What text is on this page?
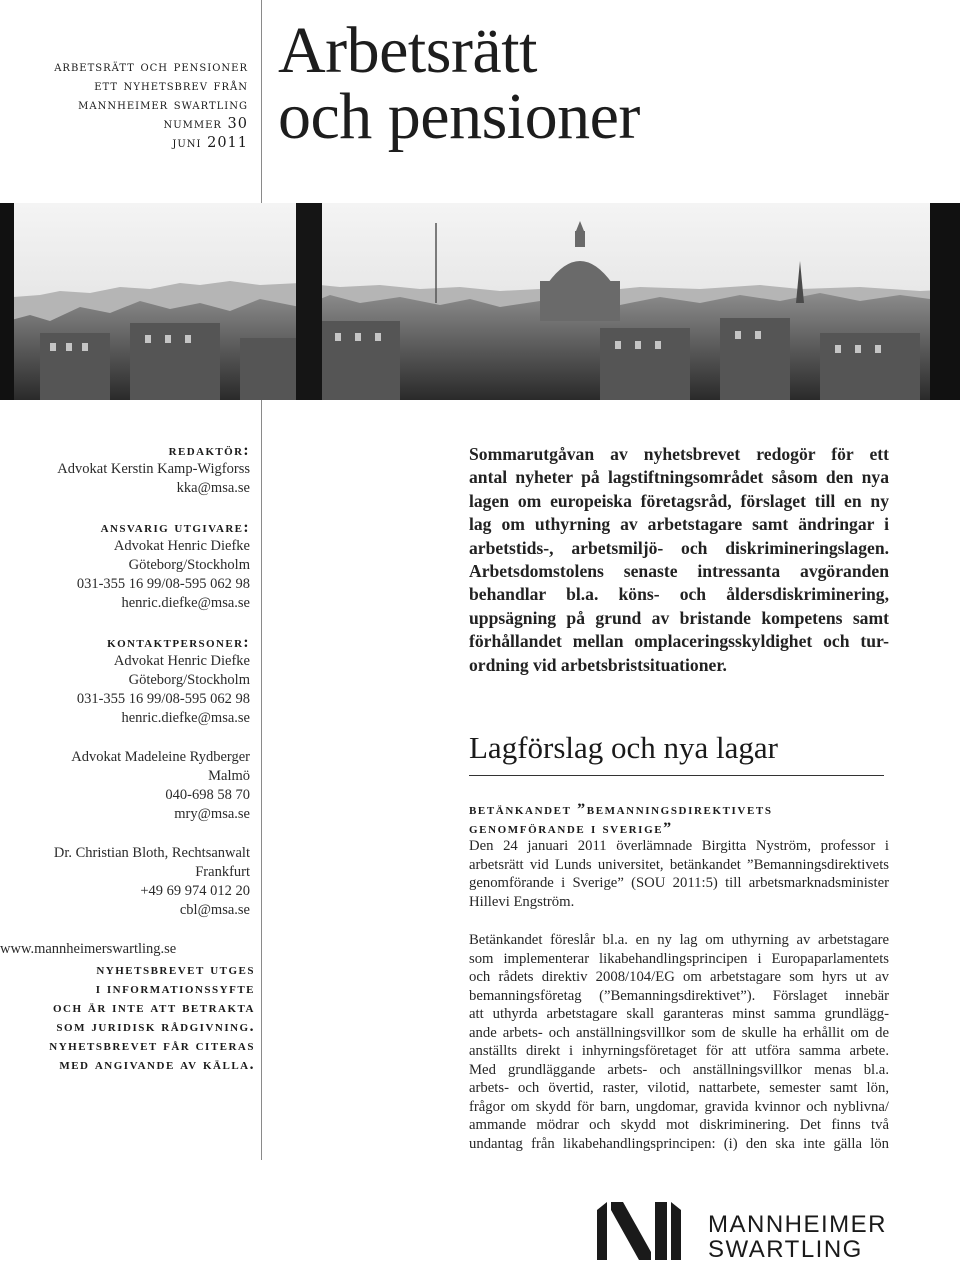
arbetsrätt och pensioner
ett nyhetsbrev från
mannheimer swartling
nummer 30
juni 2011
Arbetsrätt
och pensioner
redaktör:
Advokat Kerstin Kamp-Wigforss
kka@msa.se
ansvarig utgivare:
Advokat Henric Diefke
Göteborg/Stockholm
031-355 16 99/08-595 062 98
henric.diefke@msa.se
kontaktpersoner:
Advokat Henric Diefke
Göteborg/Stockholm
031-355 16 99/08-595 062 98
henric.diefke@msa.se
Advokat Madeleine Rydberger
Malmö
040-698 58 70
mry@msa.se
Dr. Christian Bloth, Rechtsanwalt
Frankfurt
+49 69 974 012 20
cbl@msa.se
www.mannheimerswartling.se
nyhetsbrevet utges
i informationssyfte
och är inte att betrakta
som juridisk rådgivning.
nyhetsbrevet får citeras
med angivande av källa.
Sommarutgåvan av nyhetsbrevet redogör för ett
antal nyheter på lagstiftningsområdet såsom den nya
lagen om europeiska företagsråd, förslaget till en ny
lag om uthyrning av arbetstagare samt ändringar i
arbetstids-, arbetsmiljö- och diskrimineringslagen.
Arbetsdomstolens senaste intressanta avgöranden
behandlar bl.a. köns- och åldersdiskriminering,
uppsägning på grund av bristande kompetens samt
förhållandet mellan omplaceringsskyldighet och tur-
ordning vid arbetsbristsituationer.
Lagförslag och nya lagar
betänkandet ”bemanningsdirektivets
genomförande i sverige”
Den 24 januari 2011 överlämnade Birgitta Nyström, professor i
arbetsrätt vid Lunds universitet, betänkandet ”Bemanningsdirektivets
genomförande i Sverige” (SOU 2011:5) till arbetsmarknadsminister
Hillevi Engström.
Betänkandet föreslår bl.a. en ny lag om uthyrning av arbetstagare
som implementerar likabehandlingsprincipen i Europaparlamentets
och rådets direktiv 2008/104/EG om arbetstagare som hyrs ut av
bemanningsföretag (”Bemanningsdirektivet”). Förslaget innebär
att uthyrda arbetstagare skall garanteras minst samma grundlägg-
ande arbets- och anställningsvillkor som de skulle ha erhållit om de
anställts direkt i inhyrningsföretaget för att utföra samma arbete.
Med grundläggande arbets- och anställningsvillkor menas bl.a.
arbets- och övertid, raster, vilotid, nattarbete, semester samt lön,
frågor om skydd för barn, ungdomar, gravida kvinnor och nyblivna/
ammande mödrar och skydd mot diskriminering. Det finns två
undantag från likabehandlingsprincipen: (i) den ska inte gälla lön
MANNHEIMER
SWARTLING
